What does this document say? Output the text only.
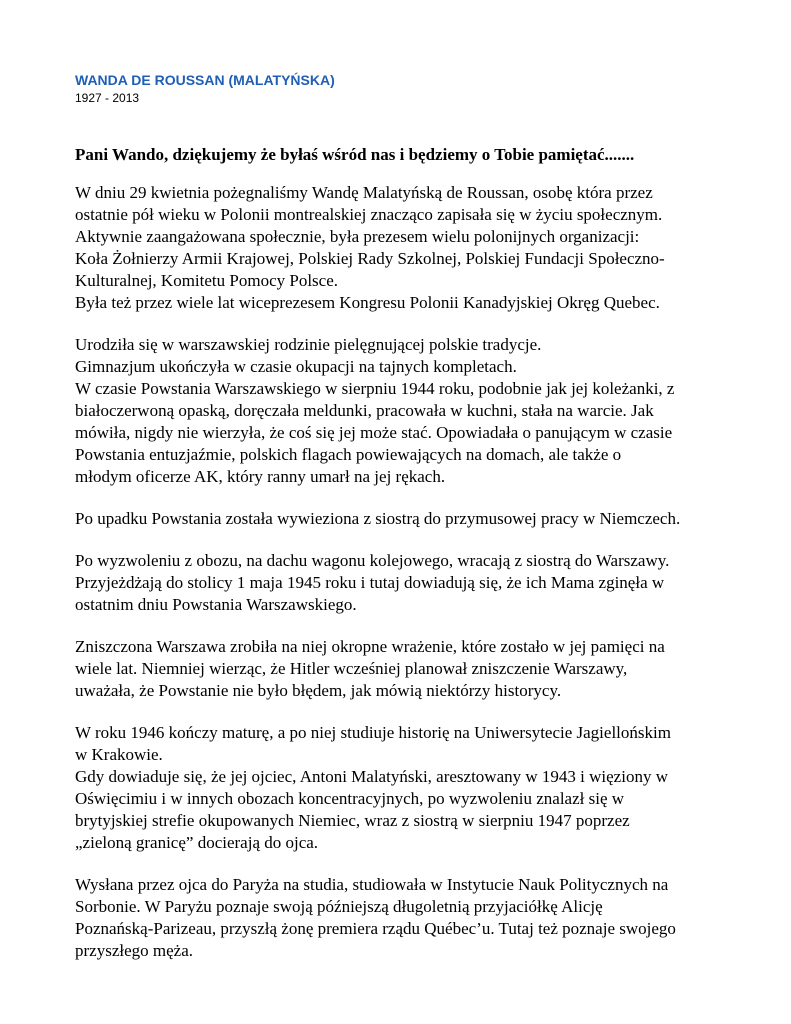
WANDA DE ROUSSAN (MALATYŃSKA)
1927 - 2013
Pani Wando, dziękujemy że byłaś wśród nas i będziemy o Tobie pamiętać.......
W dniu 29 kwietnia pożegnaliśmy Wandę Malatyńską de Roussan, osobę która przez
ostatnie pół wieku w Polonii montrealskiej znacząco zapisała się w życiu społecznym.
Aktywnie zaangażowana społecznie, była prezesem wielu polonijnych organizacji:
Koła Żołnierzy Armii Krajowej, Polskiej Rady Szkolnej, Polskiej Fundacji Społeczno-
Kulturalnej, Komitetu Pomocy Polsce.
Była też przez wiele lat wiceprezesem Kongresu Polonii Kanadyjskiej Okręg Quebec.
Urodziła się w warszawskiej rodzinie pielęgnującej polskie tradycje.
Gimnazjum ukończyła w czasie okupacji na tajnych kompletach.
W czasie Powstania Warszawskiego w sierpniu 1944 roku, podobnie jak jej koleżanki, z
białoczerwoną opaską, doręczała meldunki, pracowała w kuchni, stała na warcie. Jak
mówiła, nigdy nie wierzyła, że coś się jej może stać. Opowiadała o panującym w czasie
Powstania entuzjaźmie, polskich flagach powiewających na domach, ale także o
młodym oficerze AK, który ranny umarł na jej rękach.
Po upadku Powstania została wywieziona z siostrą do przymusowej pracy w Niemczech.
Po wyzwoleniu z obozu, na dachu wagonu kolejowego, wracają z siostrą do Warszawy.
Przyjeżdżają do stolicy 1 maja 1945 roku i tutaj dowiadują się, że ich Mama zginęła w
ostatnim dniu Powstania Warszawskiego.
Zniszczona Warszawa zrobiła na niej okropne wrażenie, które zostało w jej pamięci na
wiele lat. Niemniej wierząc, że Hitler wcześniej planował zniszczenie Warszawy,
uważała, że Powstanie nie było błędem, jak mówią niektórzy historycy.
W roku 1946 kończy maturę, a po niej studiuje historię na Uniwersytecie Jagiellońskim
w Krakowie.
Gdy dowiaduje się, że jej ojciec, Antoni Malatyński, aresztowany w 1943 i więziony w
Oświęcimiu i w innych obozach koncentracyjnych, po wyzwoleniu znalazł się w
brytyjskiej strefie okupowanych Niemiec, wraz z siostrą w sierpniu 1947 poprzez
„zieloną granicę” docierają do ojca.
Wysłana przez ojca do Paryża na studia, studiowała w Instytucie Nauk Politycznych na
Sorbonie. W Paryżu poznaje swoją późniejszą długoletnią przyjaciółkę Alicję
Poznańską-Parizeau, przyszłą żonę premiera rządu Québec’u. Tutaj też poznaje swojego
przyszłego męża.
